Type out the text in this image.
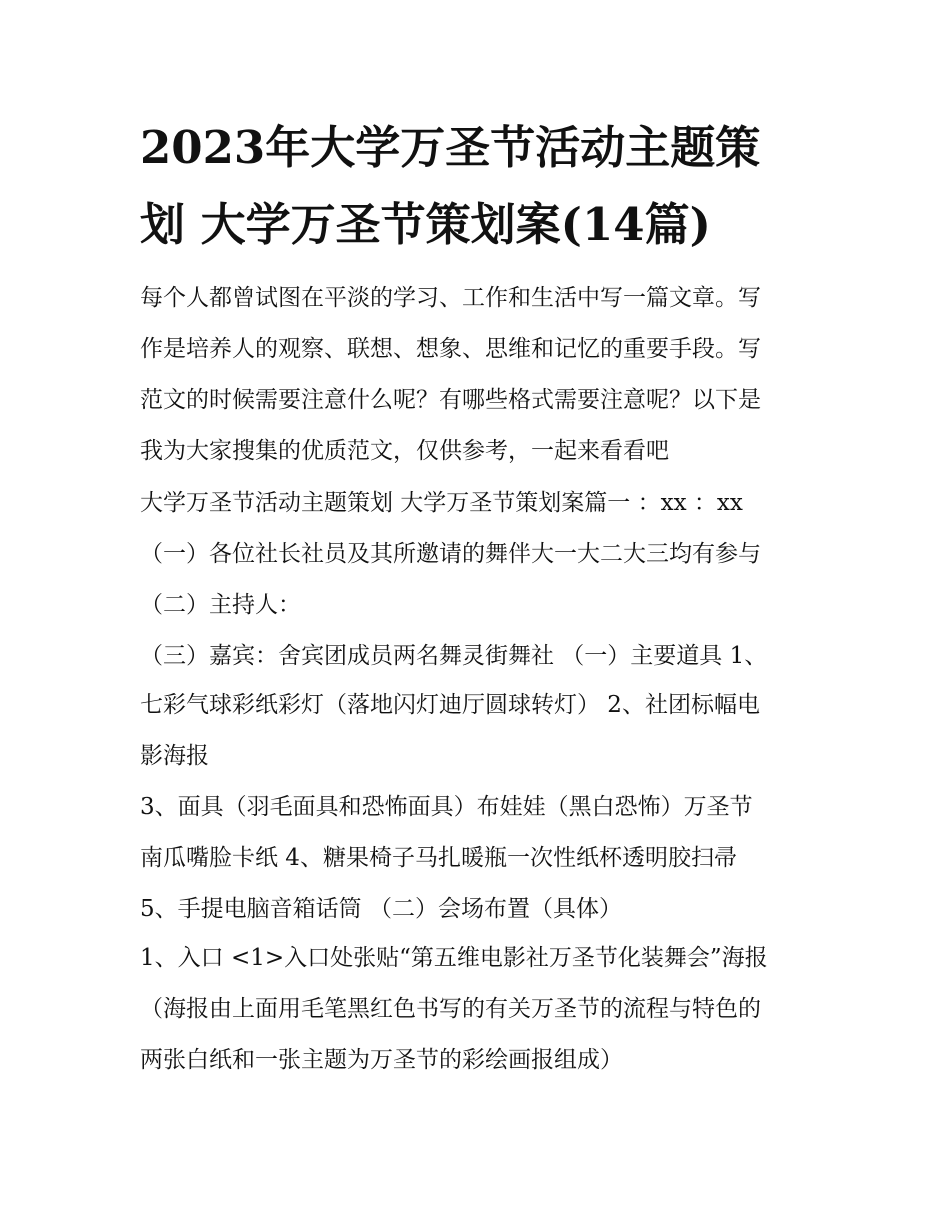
2023年大学万圣节活动主题策
划 大学万圣节策划案(14篇)

每个人都曾试图在平淡的学习、工作和生活中写一篇文章。写

作是培养人的观察、联想、想象、思维和记忆的重要手段。写

范文的时候需要注意什么呢？有哪些格式需要注意呢？以下是

我为大家搜集的优质范文，仅供参考，一起来看看吧

大学万圣节活动主题策划 大学万圣节策划案篇一 ：xx ：xx

（一）各位社长社员及其所邀请的舞伴大一大二大三均有参与

（二）主持人：

（三）嘉宾：舍宾团成员两名舞灵街舞社 （一）主要道具 1、

七彩气球彩纸彩灯（落地闪灯迪厅圆球转灯） 2、社团标幅电

影海报

3、面具（羽毛面具和恐怖面具）布娃娃（黑白恐怖）万圣节

南瓜嘴脸卡纸 4、糖果椅子马扎暖瓶一次性纸杯透明胶扫帚

5、手提电脑音箱话筒 （二）会场布置（具体）

1、入口 <1>入口处张贴“第五维电影社万圣节化装舞会”海报

（海报由上面用毛笔黑红色书写的有关万圣节的流程与特色的

两张白纸和一张主题为万圣节的彩绘画报组成）
